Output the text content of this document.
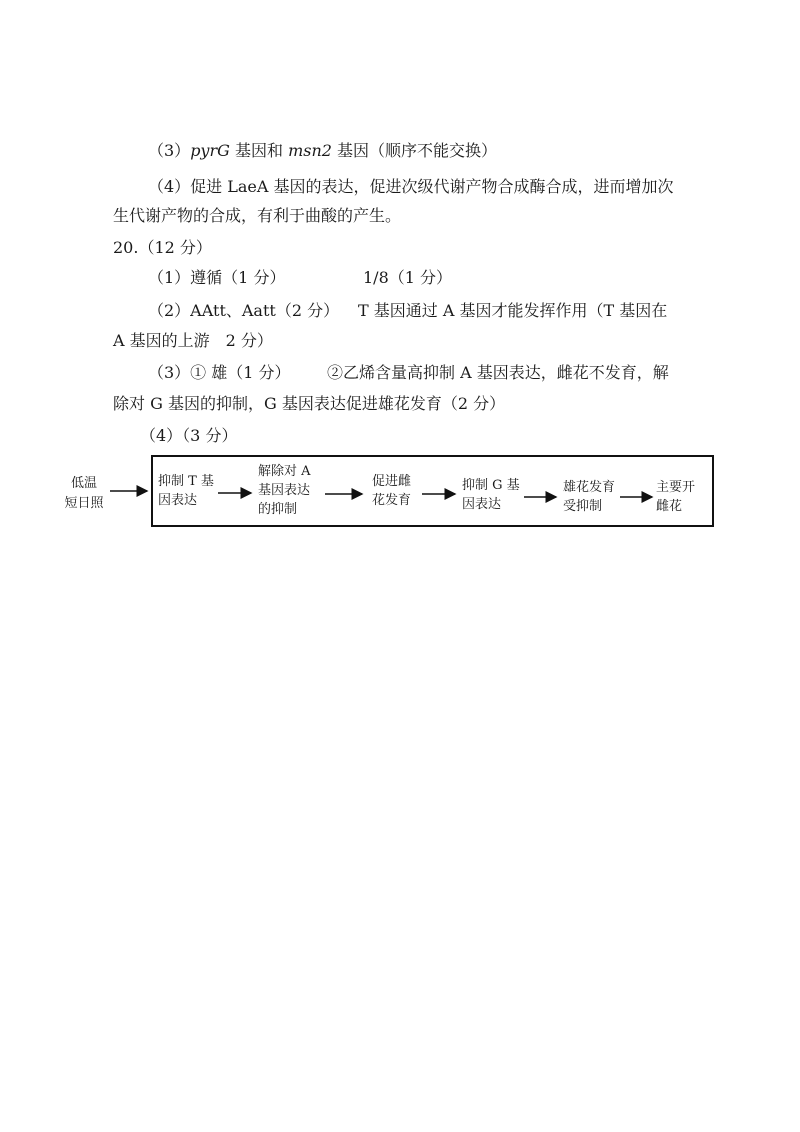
（3）pyrG 基因和 msn2 基因（顺序不能交换）
（4）促进 LaeA 基因的表达，促进次级代谢产物合成酶合成，进而增加次
生代谢产物的合成，有利于曲酸的产生。
20.（12 分）
（1）遵循（1 分）	1/8（1 分）
（2）AAtt、Aatt（2 分） T 基因通过 A 基因才能发挥作用（T 基因在
A 基因的上游　2 分）
（3）① 雄（1 分） ②乙烯含量高抑制 A 基因表达，雌花不发育，解
除对 G 基因的抑制，G 基因表达促进雄花发育（2 分）
（4）（3 分）
低温
短日照
抑制 T 基
因表达
解除对 A
基因表达
的抑制
促进雌
花发育
抑制 G 基
因表达
雄花发育
受抑制
主要开
雌花
